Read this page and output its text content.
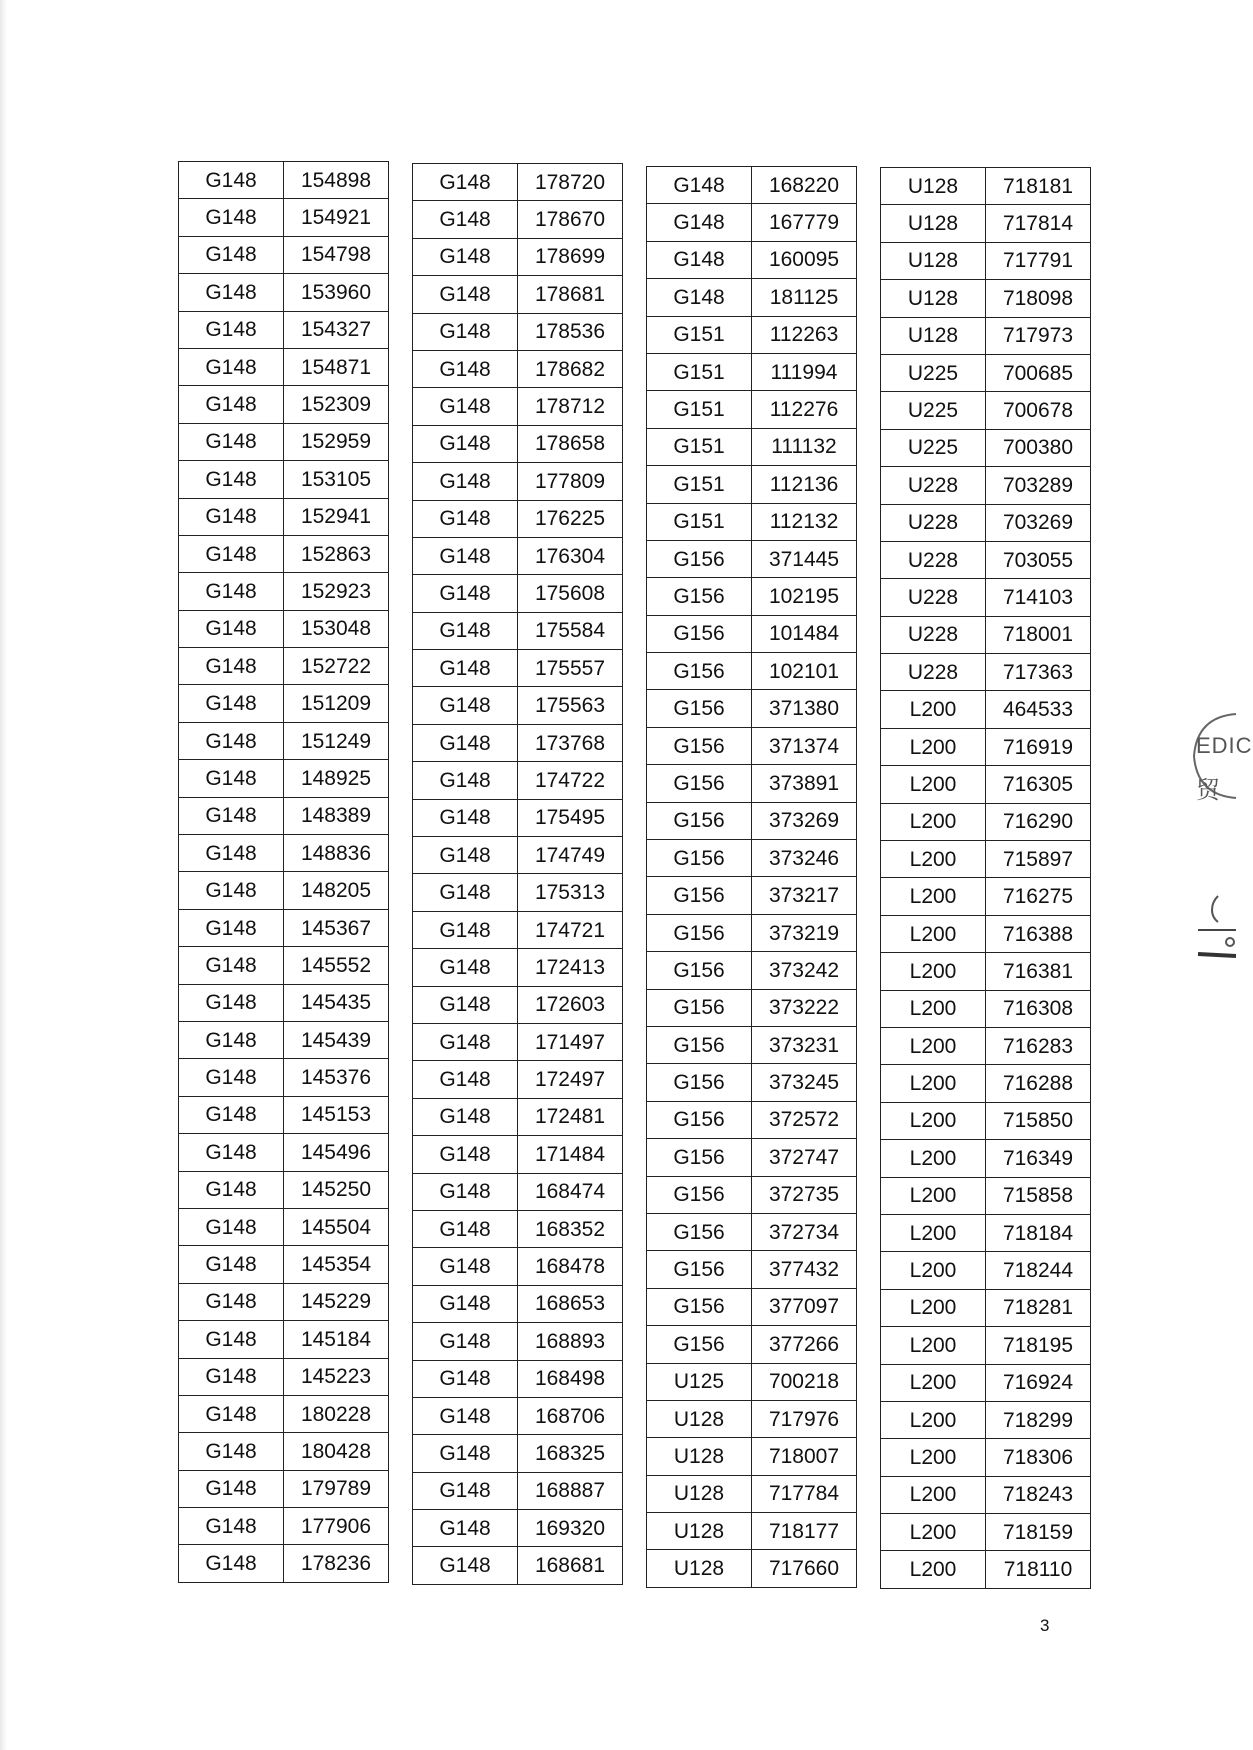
G148	154898
G148	154921
G148	154798
G148	153960
G148	154327
G148	154871
G148	152309
G148	152959
G148	153105
G148	152941
G148	152863
G148	152923
G148	153048
G148	152722
G148	151209
G148	151249
G148	148925
G148	148389
G148	148836
G148	148205
G148	145367
G148	145552
G148	145435
G148	145439
G148	145376
G148	145153
G148	145496
G148	145250
G148	145504
G148	145354
G148	145229
G148	145184
G148	145223
G148	180228
G148	180428
G148	179789
G148	177906
G148	178236
G148	178720
G148	178670
G148	178699
G148	178681
G148	178536
G148	178682
G148	178712
G148	178658
G148	177809
G148	176225
G148	176304
G148	175608
G148	175584
G148	175557
G148	175563
G148	173768
G148	174722
G148	175495
G148	174749
G148	175313
G148	174721
G148	172413
G148	172603
G148	171497
G148	172497
G148	172481
G148	171484
G148	168474
G148	168352
G148	168478
G148	168653
G148	168893
G148	168498
G148	168706
G148	168325
G148	168887
G148	169320
G148	168681
G148	168220
G148	167779
G148	160095
G148	181125
G151	112263
G151	111994
G151	112276
G151	111132
G151	112136
G151	112132
G156	371445
G156	102195
G156	101484
G156	102101
G156	371380
G156	371374
G156	373891
G156	373269
G156	373246
G156	373217
G156	373219
G156	373242
G156	373222
G156	373231
G156	373245
G156	372572
G156	372747
G156	372735
G156	372734
G156	377432
G156	377097
G156	377266
U125	700218
U128	717976
U128	718007
U128	717784
U128	718177
U128	717660
U128	718181
U128	717814
U128	717791
U128	718098
U128	717973
U225	700685
U225	700678
U225	700380
U228	703289
U228	703269
U228	703055
U228	714103
U228	718001
U228	717363
L200	464533
L200	716919
L200	716305
L200	716290
L200	715897
L200	716275
L200	716388
L200	716381
L200	716308
L200	716283
L200	716288
L200	715850
L200	716349
L200	715858
L200	718184
L200	718244
L200	718281
L200	718195
L200	716924
L200	718299
L200	718306
L200	718243
L200	718159
L200	718110
3
EDIC
贸
